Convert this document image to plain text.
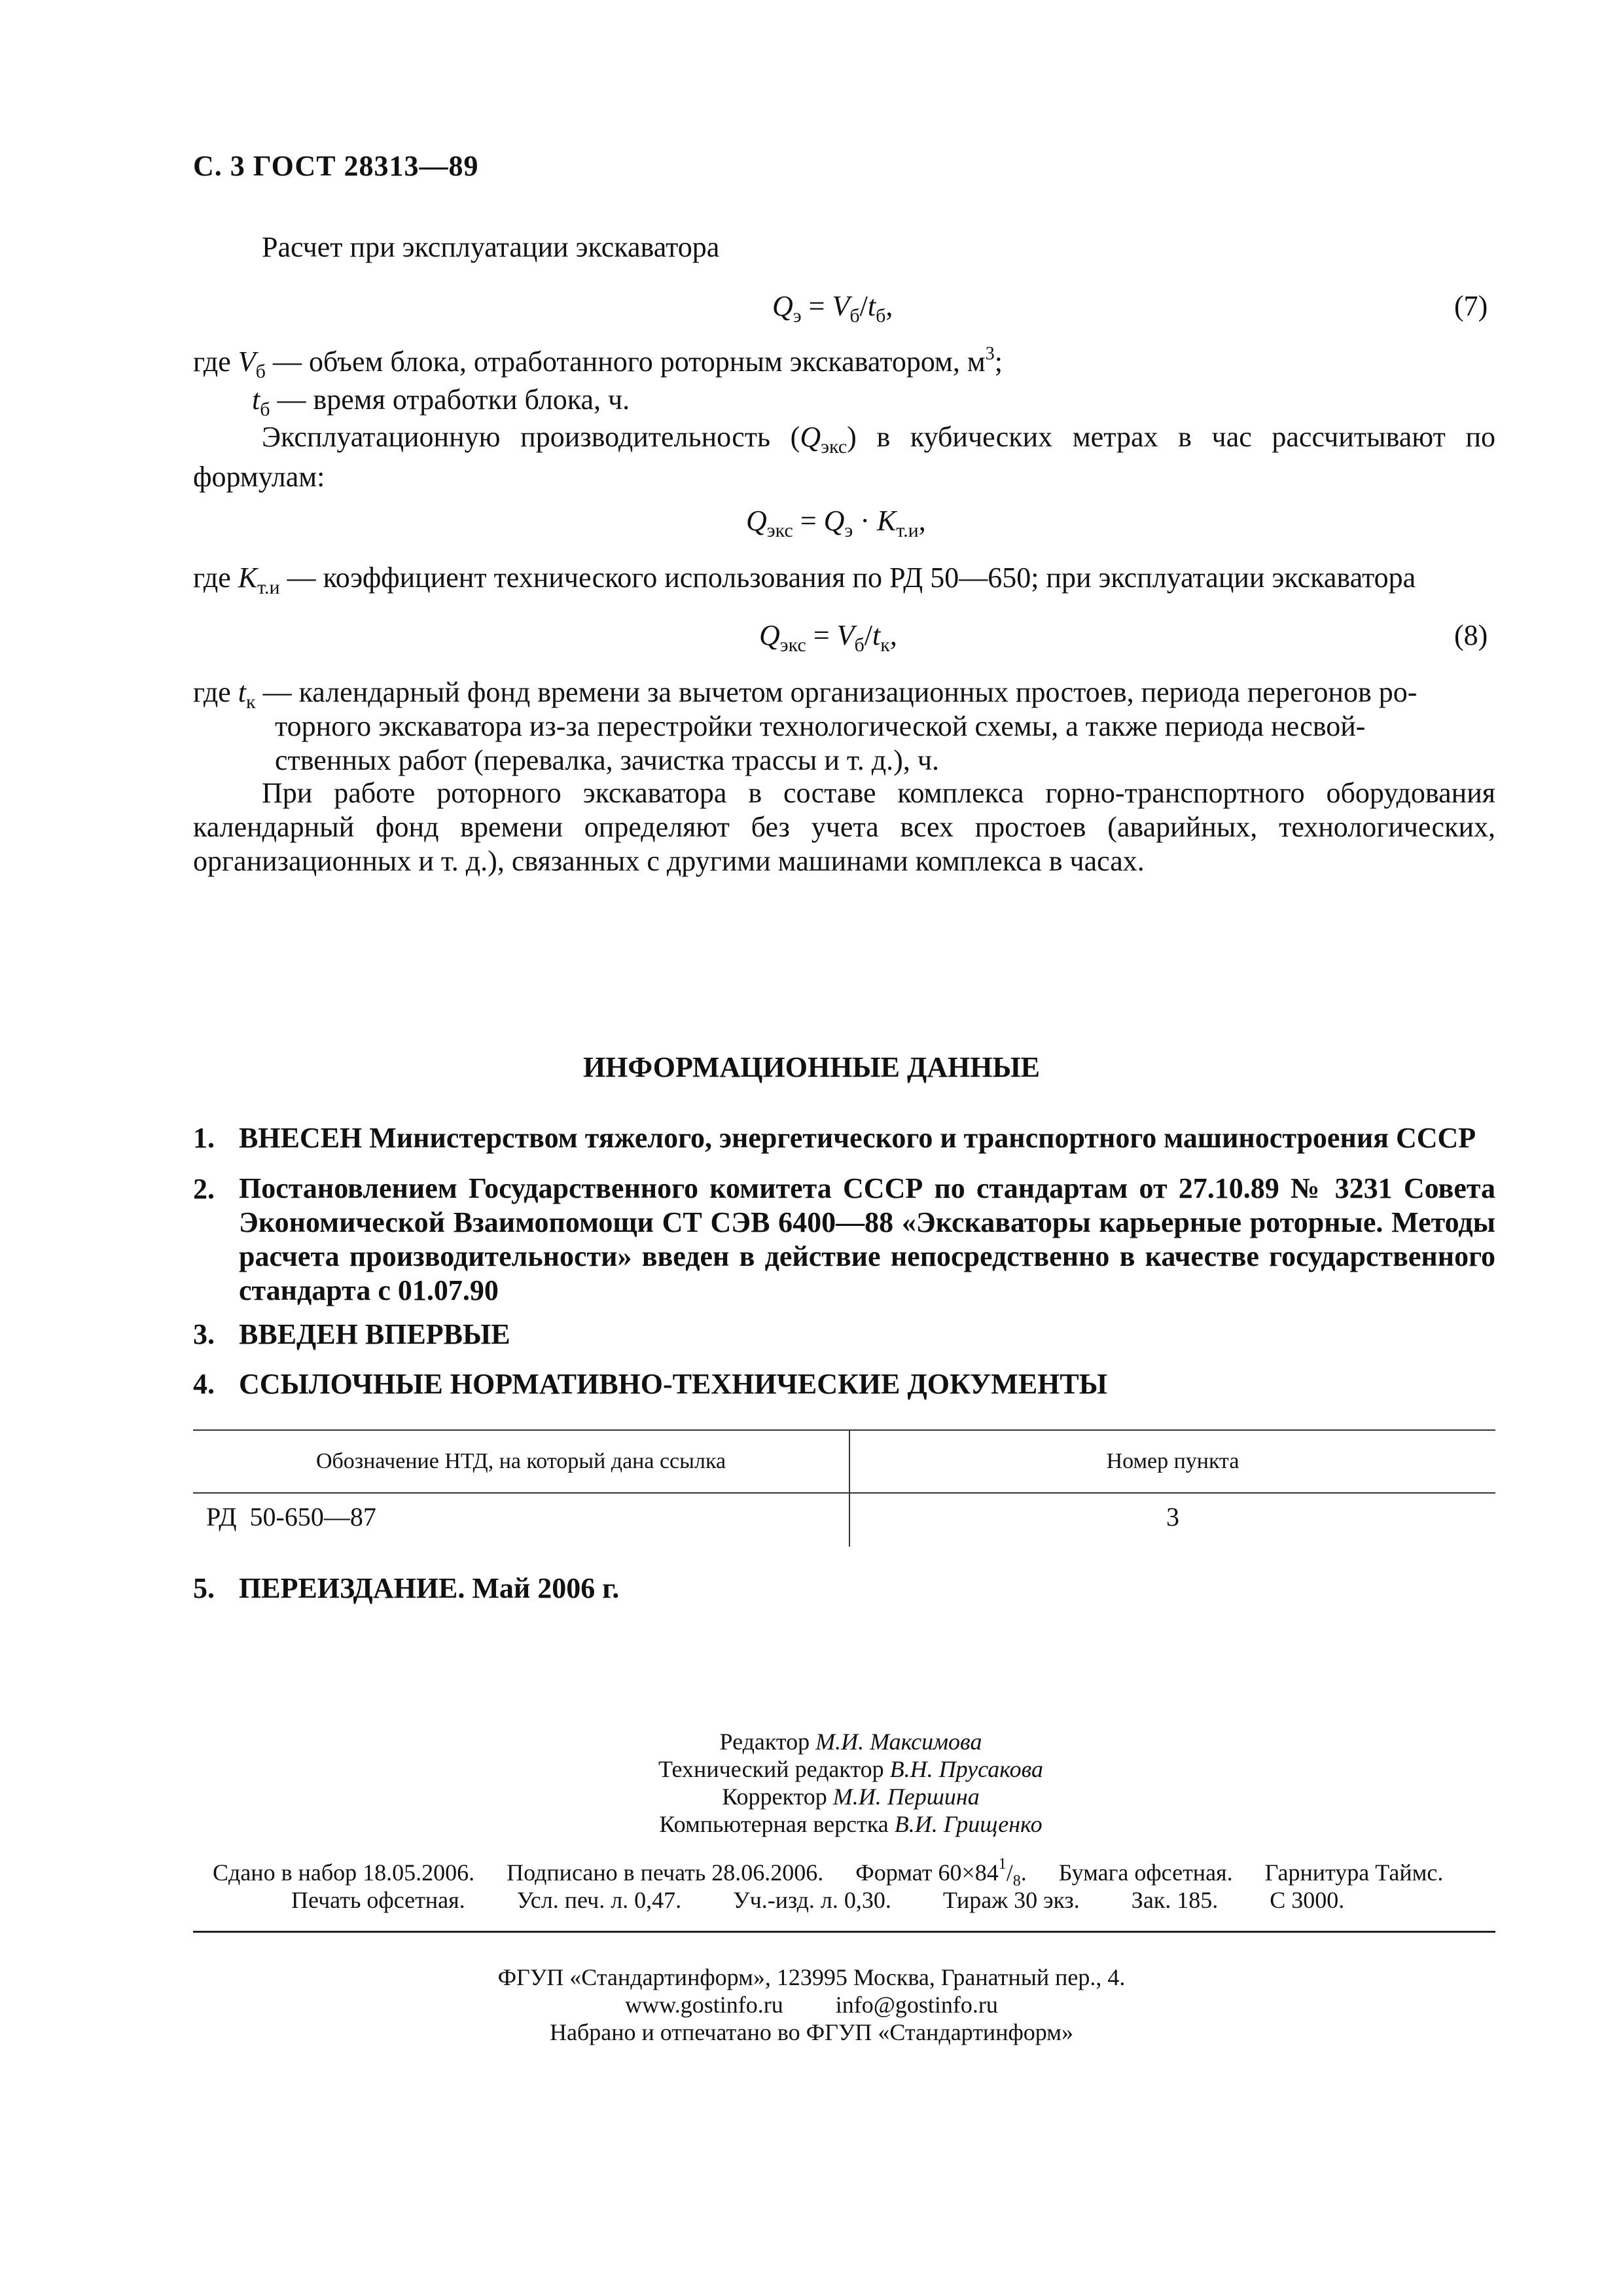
С. 3 ГОСТ 28313—89
Расчет при эксплуатации экскаватора
$Q_э = V_б/t_б$,	(7)
где $V_б$ — объем блока, отработанного роторным экскаватором, $м^3$;
$t_б$ — время отработки блока, ч.
Эксплуатационную производительность $(Q_{экс})$ в кубических метрах в час рассчитывают по формулам:
$Q_{экс} = Q_э \cdot K_{т.и}$,
где $K_{т.и}$ — коэффициент технического использования по РД 50—650; при эксплуатации экскаватора
$Q_{экс} = V_б/t_к$,	(8)
где $t_к$ — календарный фонд времени за вычетом организационных простоев, периода перегонов ро-
торного экскаватора из-за перестройки технологической схемы, а также периода несвой-
ственных работ (перевалка, зачистка трассы и т. д.), ч.
При работе роторного экскаватора в составе комплекса горно-транспортного оборудования календарный фонд времени определяют без учета всех простоев (аварийных, технологических, организационных и т. д.), связанных с другими машинами комплекса в часах.
ИНФОРМАЦИОННЫЕ ДАННЫЕ
1. ВНЕСЕН Министерством тяжелого, энергетического и транспортного машиностроения СССР
2. Постановлением Государственного комитета СССР по стандартам от 27.10.89 № 3231 Совета Экономической Взаимопомощи СТ СЭВ 6400—88 «Экскаваторы карьерные роторные. Методы расчета производительности» введен в действие непосредственно в качестве государственного стандарта с 01.07.90
3. ВВЕДЕН ВПЕРВЫЕ
4. ССЫЛОЧНЫЕ НОРМАТИВНО-ТЕХНИЧЕСКИЕ ДОКУМЕНТЫ
Обозначение НТД, на который дана ссылка	Номер пункта
РД  50-650—87	3
5. ПЕРЕИЗДАНИЕ. Май 2006 г.
Редактор М.И. Максимова
Технический редактор В.Н. Прусакова
Корректор М.И. Першина
Компьютерная верстка В.И. Грищенко
Сдано в набор 18.05.2006. Подписано в печать 28.06.2006. Формат $60\times 84^1/_8$. Бумага офсетная. Гарнитура Таймс.
Печать офсетная. Усл. печ. л. 0,47. Уч.-изд. л. 0,30. Тираж 30 экз. Зак. 185. С 3000.
ФГУП «Стандартинформ», 123995 Москва, Гранатный пер., 4.
www.gostinfo.ru info@gostinfo.ru
Набрано и отпечатано во ФГУП «Стандартинформ»
